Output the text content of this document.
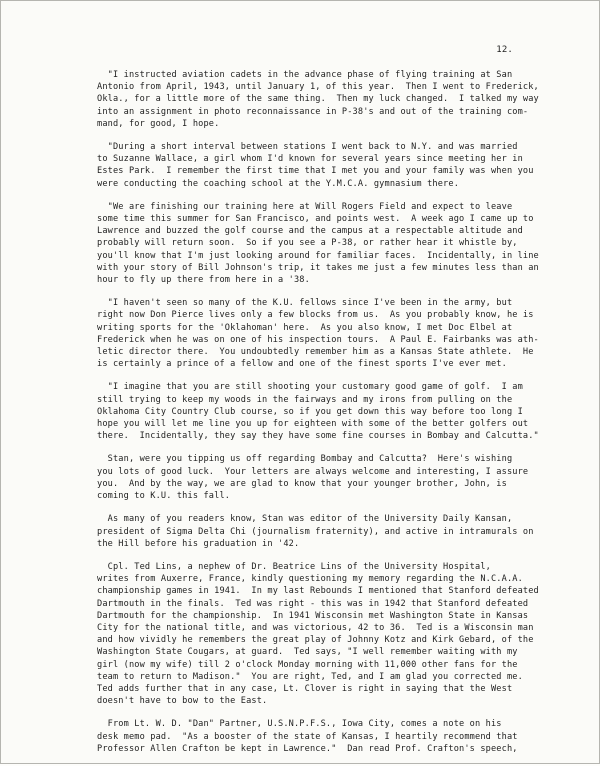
12.
"I instructed aviation cadets in the advance phase of flying training at San
Antonio from April, 1943, until January 1, of this year.  Then I went to Frederick,
Okla., for a little more of the same thing.  Then my luck changed.  I talked my way
into an assignment in photo reconnaissance in P-38's and out of the training com-
mand, for good, I hope.
"During a short interval between stations I went back to N.Y. and was married
to Suzanne Wallace, a girl whom I'd known for several years since meeting her in
Estes Park.  I remember the first time that I met you and your family was when you
were conducting the coaching school at the Y.M.C.A. gymnasium there.
"We are finishing our training here at Will Rogers Field and expect to leave
some time this summer for San Francisco, and points west.  A week ago I came up to
Lawrence and buzzed the golf course and the campus at a respectable altitude and
probably will return soon.  So if you see a P-38, or rather hear it whistle by,
you'll know that I'm just looking around for familiar faces.  Incidentally, in line
with your story of Bill Johnson's trip, it takes me just a few minutes less than an
hour to fly up there from here in a '38.
"I haven't seen so many of the K.U. fellows since I've been in the army, but
right now Don Pierce lives only a few blocks from us.  As you probably know, he is
writing sports for the 'Oklahoman' here.  As you also know, I met Doc Elbel at
Frederick when he was on one of his inspection tours.  A Paul E. Fairbanks was ath-
letic director there.  You undoubtedly remember him as a Kansas State athlete.  He
is certainly a prince of a fellow and one of the finest sports I've ever met.
"I imagine that you are still shooting your customary good game of golf.  I am
still trying to keep my woods in the fairways and my irons from pulling on the
Oklahoma City Country Club course, so if you get down this way before too long I
hope you will let me line you up for eighteen with some of the better golfers out
there.  Incidentally, they say they have some fine courses in Bombay and Calcutta."
Stan, were you tipping us off regarding Bombay and Calcutta?  Here's wishing
you lots of good luck.  Your letters are always welcome and interesting, I assure
you.  And by the way, we are glad to know that your younger brother, John, is
coming to K.U. this fall.
As many of you readers know, Stan was editor of the University Daily Kansan,
president of Sigma Delta Chi (journalism fraternity), and active in intramurals on
the Hill before his graduation in '42.
Cpl. Ted Lins, a nephew of Dr. Beatrice Lins of the University Hospital,
writes from Auxerre, France, kindly questioning my memory regarding the N.C.A.A.
championship games in 1941.  In my last Rebounds I mentioned that Stanford defeated
Dartmouth in the finals.  Ted was right - this was in 1942 that Stanford defeated
Dartmouth for the championship.  In 1941 Wisconsin met Washington State in Kansas
City for the national title, and was victorious, 42 to 36.  Ted is a Wisconsin man
and how vividly he remembers the great play of Johnny Kotz and Kirk Gebard, of the
Washington State Cougars, at guard.  Ted says, "I well remember waiting with my
girl (now my wife) till 2 o'clock Monday morning with 11,000 other fans for the
team to return to Madison."  You are right, Ted, and I am glad you corrected me.
Ted adds further that in any case, Lt. Clover is right in saying that the West
doesn't have to bow to the East.
From Lt. W. D. "Dan" Partner, U.S.N.P.F.S., Iowa City, comes a note on his
desk memo pad.  "As a booster of the state of Kansas, I heartily recommend that
Professor Allen Crafton be kept in Lawrence."  Dan read Prof. Crafton's speech,
